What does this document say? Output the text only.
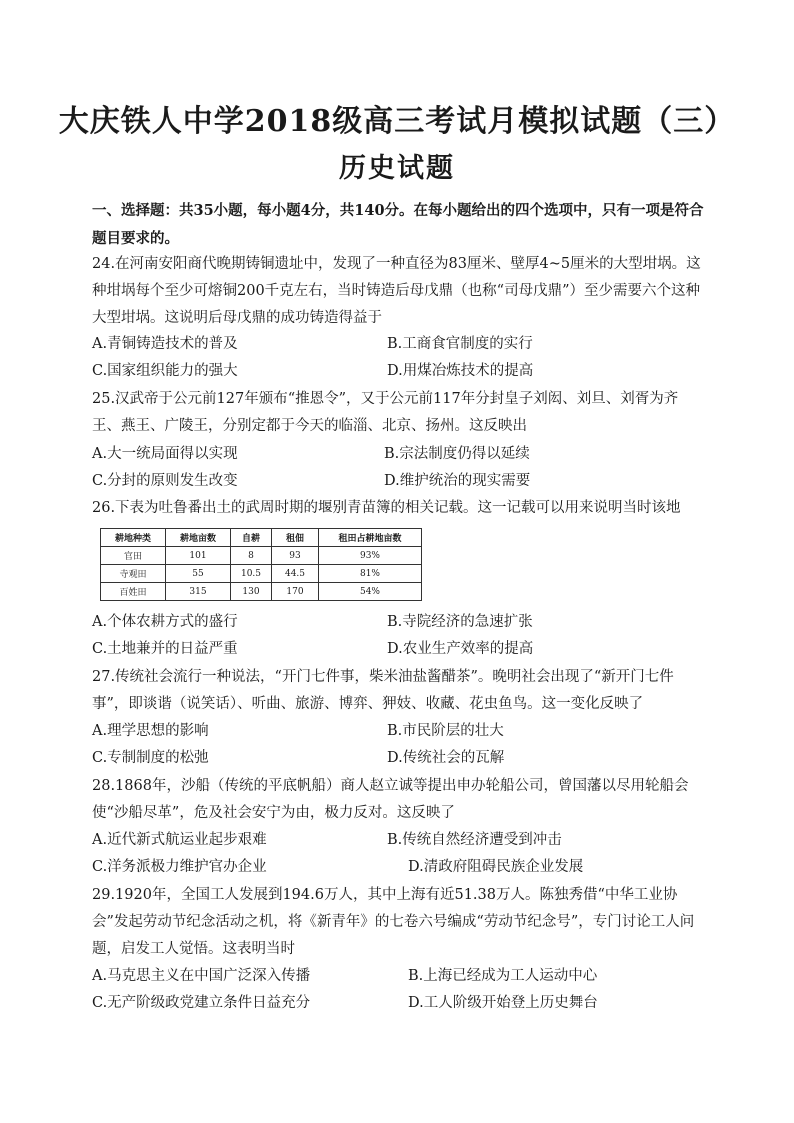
大庆铁人中学2018级高三考试月模拟试题（三）
历史试题
一、选择题：共35小题，每小题4分，共140分。在每小题给出的四个选项中，只有一项是符合题目要求的。
24.在河南安阳商代晚期铸铜遗址中，发现了一种直径为83厘米、壁厚4~5厘米的大型坩埚。这种坩埚每个至少可熔铜200千克左右，当时铸造后母戊鼎（也称“司母戊鼎”）至少需要六个这种大型坩埚。这说明后母戊鼎的成功铸造得益于
A.青铜铸造技术的普及	B.工商食官制度的实行
C.国家组织能力的强大	D.用煤冶炼技术的提高
25.汉武帝于公元前127年颁布“推恩令”，又于公元前117年分封皇子刘闳、刘旦、刘胥为齐王、燕王、广陵王，分别定都于今天的临淄、北京、扬州。这反映出
A.大一统局面得以实现	B.宗法制度仍得以延续
C.分封的原则发生改变	D.维护统治的现实需要
26.下表为吐鲁番出土的武周时期的堰别青苗簿的相关记载。这一记载可以用来说明当时该地
耕地种类	耕地亩数	自耕	租佃	租田占耕地亩数
官田	101	8	93	93%
寺观田	55	10.5	44.5	81%
百姓田	315	130	170	54%
A.个体农耕方式的盛行	B.寺院经济的急速扩张
C.土地兼并的日益严重	D.农业生产效率的提高
27.传统社会流行一种说法，“开门七件事，柴米油盐酱醋茶”。晚明社会出现了“新开门七件事”，即谈谐（说笑话）、听曲、旅游、博弈、狎妓、收藏、花虫鱼鸟。这一变化反映了
A.理学思想的影响	B.市民阶层的壮大
C.专制制度的松弛	D.传统社会的瓦解
28.1868年，沙船（传统的平底帆船）商人赵立诚等提出申办轮船公司，曾国藩以尽用轮船会
使“沙船尽革”，危及社会安宁为由，极力反对。这反映了
A.近代新式航运业起步艰难	B.传统自然经济遭受到冲击
C.洋务派极力维护官办企业	D.清政府阻碍民族企业发展
29.1920年，全国工人发展到194.6万人，其中上海有近51.38万人。陈独秀借“中华工业协会”发起劳动节纪念活动之机，将《新青年》的七卷六号编成“劳动节纪念号”，专门讨论工人问题，启发工人觉悟。这表明当时
A.马克思主义在中国广泛深入传播	B.上海已经成为工人运动中心
C.无产阶级政党建立条件日益充分	D.工人阶级开始登上历史舞台
